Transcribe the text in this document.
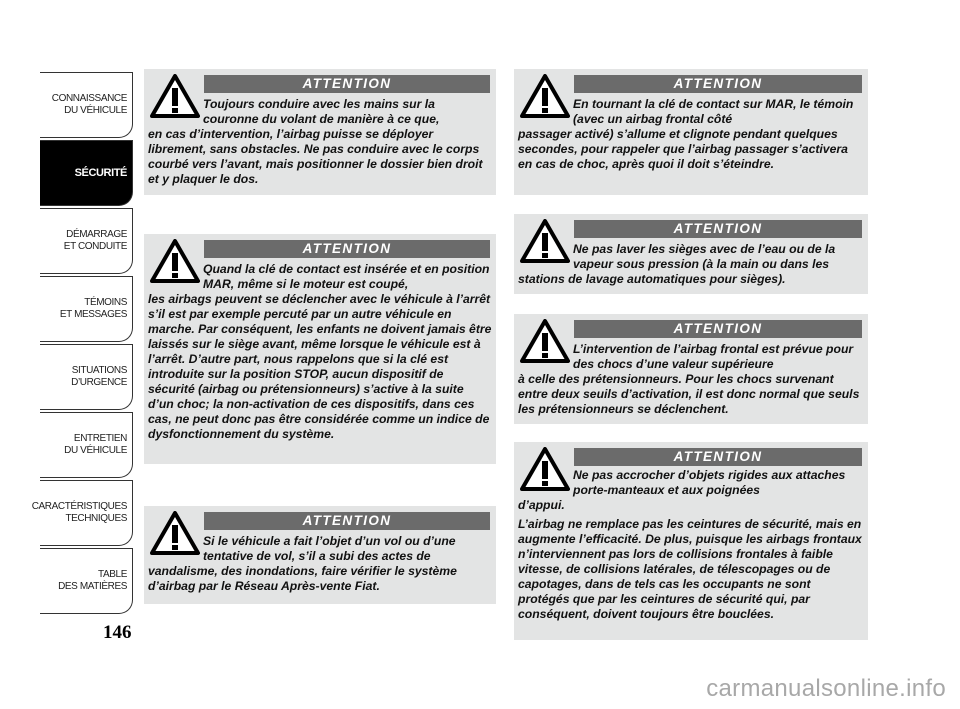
CONNAISSANCE
DU VÉHICULE
SÉCURITÉ
DÉMARRAGE
ET CONDUITE
TÉMOINS
ET MESSAGES
SITUATIONS
D’URGENCE
ENTRETIEN
DU VÉHICULE
CARACTÉRISTIQUES
TECHNIQUES
TABLE
DES MATIÈRES
146
ATTENTION

Toujours conduire avec les mains sur la couronne du volant de manière à ce que,

en cas d’intervention, l’airbag puisse se déployer librement, sans obstacles. Ne pas conduire avec le corps courbé vers l’avant, mais positionner le dossier bien droit et y plaquer le dos.

ATTENTION

Quand la clé de contact est insérée et en position MAR, même si le moteur est coupé,

les airbags peuvent se déclencher avec le véhicule à l’arrêt s’il est par exemple percuté par un autre véhicule en marche. Par conséquent, les enfants ne doivent jamais être laissés sur le siège avant, même lorsque le véhicule est à l’arrêt. D’autre part, nous rappelons que si la clé est introduite sur la position STOP, aucun dispositif de sécurité (airbag ou prétensionneurs) s’active à la suite d’un choc; la non-activation de ces dispositifs, dans ces cas, ne peut donc pas être considérée comme un indice de dysfonctionnement du système.

ATTENTION

Si le véhicule a fait l’objet d’un vol ou d’une tentative de vol, s’il a subi des actes de

vandalisme, des inondations, faire vérifier le système d’airbag par le Réseau Après-vente Fiat.

ATTENTION

En tournant la clé de contact sur MAR, le témoin (avec un airbag frontal côté

passager activé) s’allume et clignote pendant quelques secondes, pour rappeler que l’airbag passager s’activera en cas de choc, après quoi il doit s’éteindre.

ATTENTION

Ne pas laver les sièges avec de l’eau ou de la vapeur sous pression (à la main ou dans les

stations de lavage automatiques pour sièges).

ATTENTION

L’intervention de l’airbag frontal est prévue pour des chocs d’une valeur supérieure

à celle des prétensionneurs. Pour les chocs survenant entre deux seuils d’activation, il est donc normal que seuls les prétensionneurs se déclenchent.

ATTENTION

Ne pas accrocher d’objets rigides aux attaches porte-manteaux et aux poignées

d’appui.

L’airbag ne remplace pas les ceintures de sécurité, mais en augmente l’efficacité. De plus, puisque les airbags frontaux n’interviennent pas lors de collisions frontales à faible vitesse, de collisions latérales, de télescopages ou de capotages, dans de tels cas les occupants ne sont protégés que par les ceintures de sécurité qui, par conséquent, doivent toujours être bouclées.

carmanualsonline.info
